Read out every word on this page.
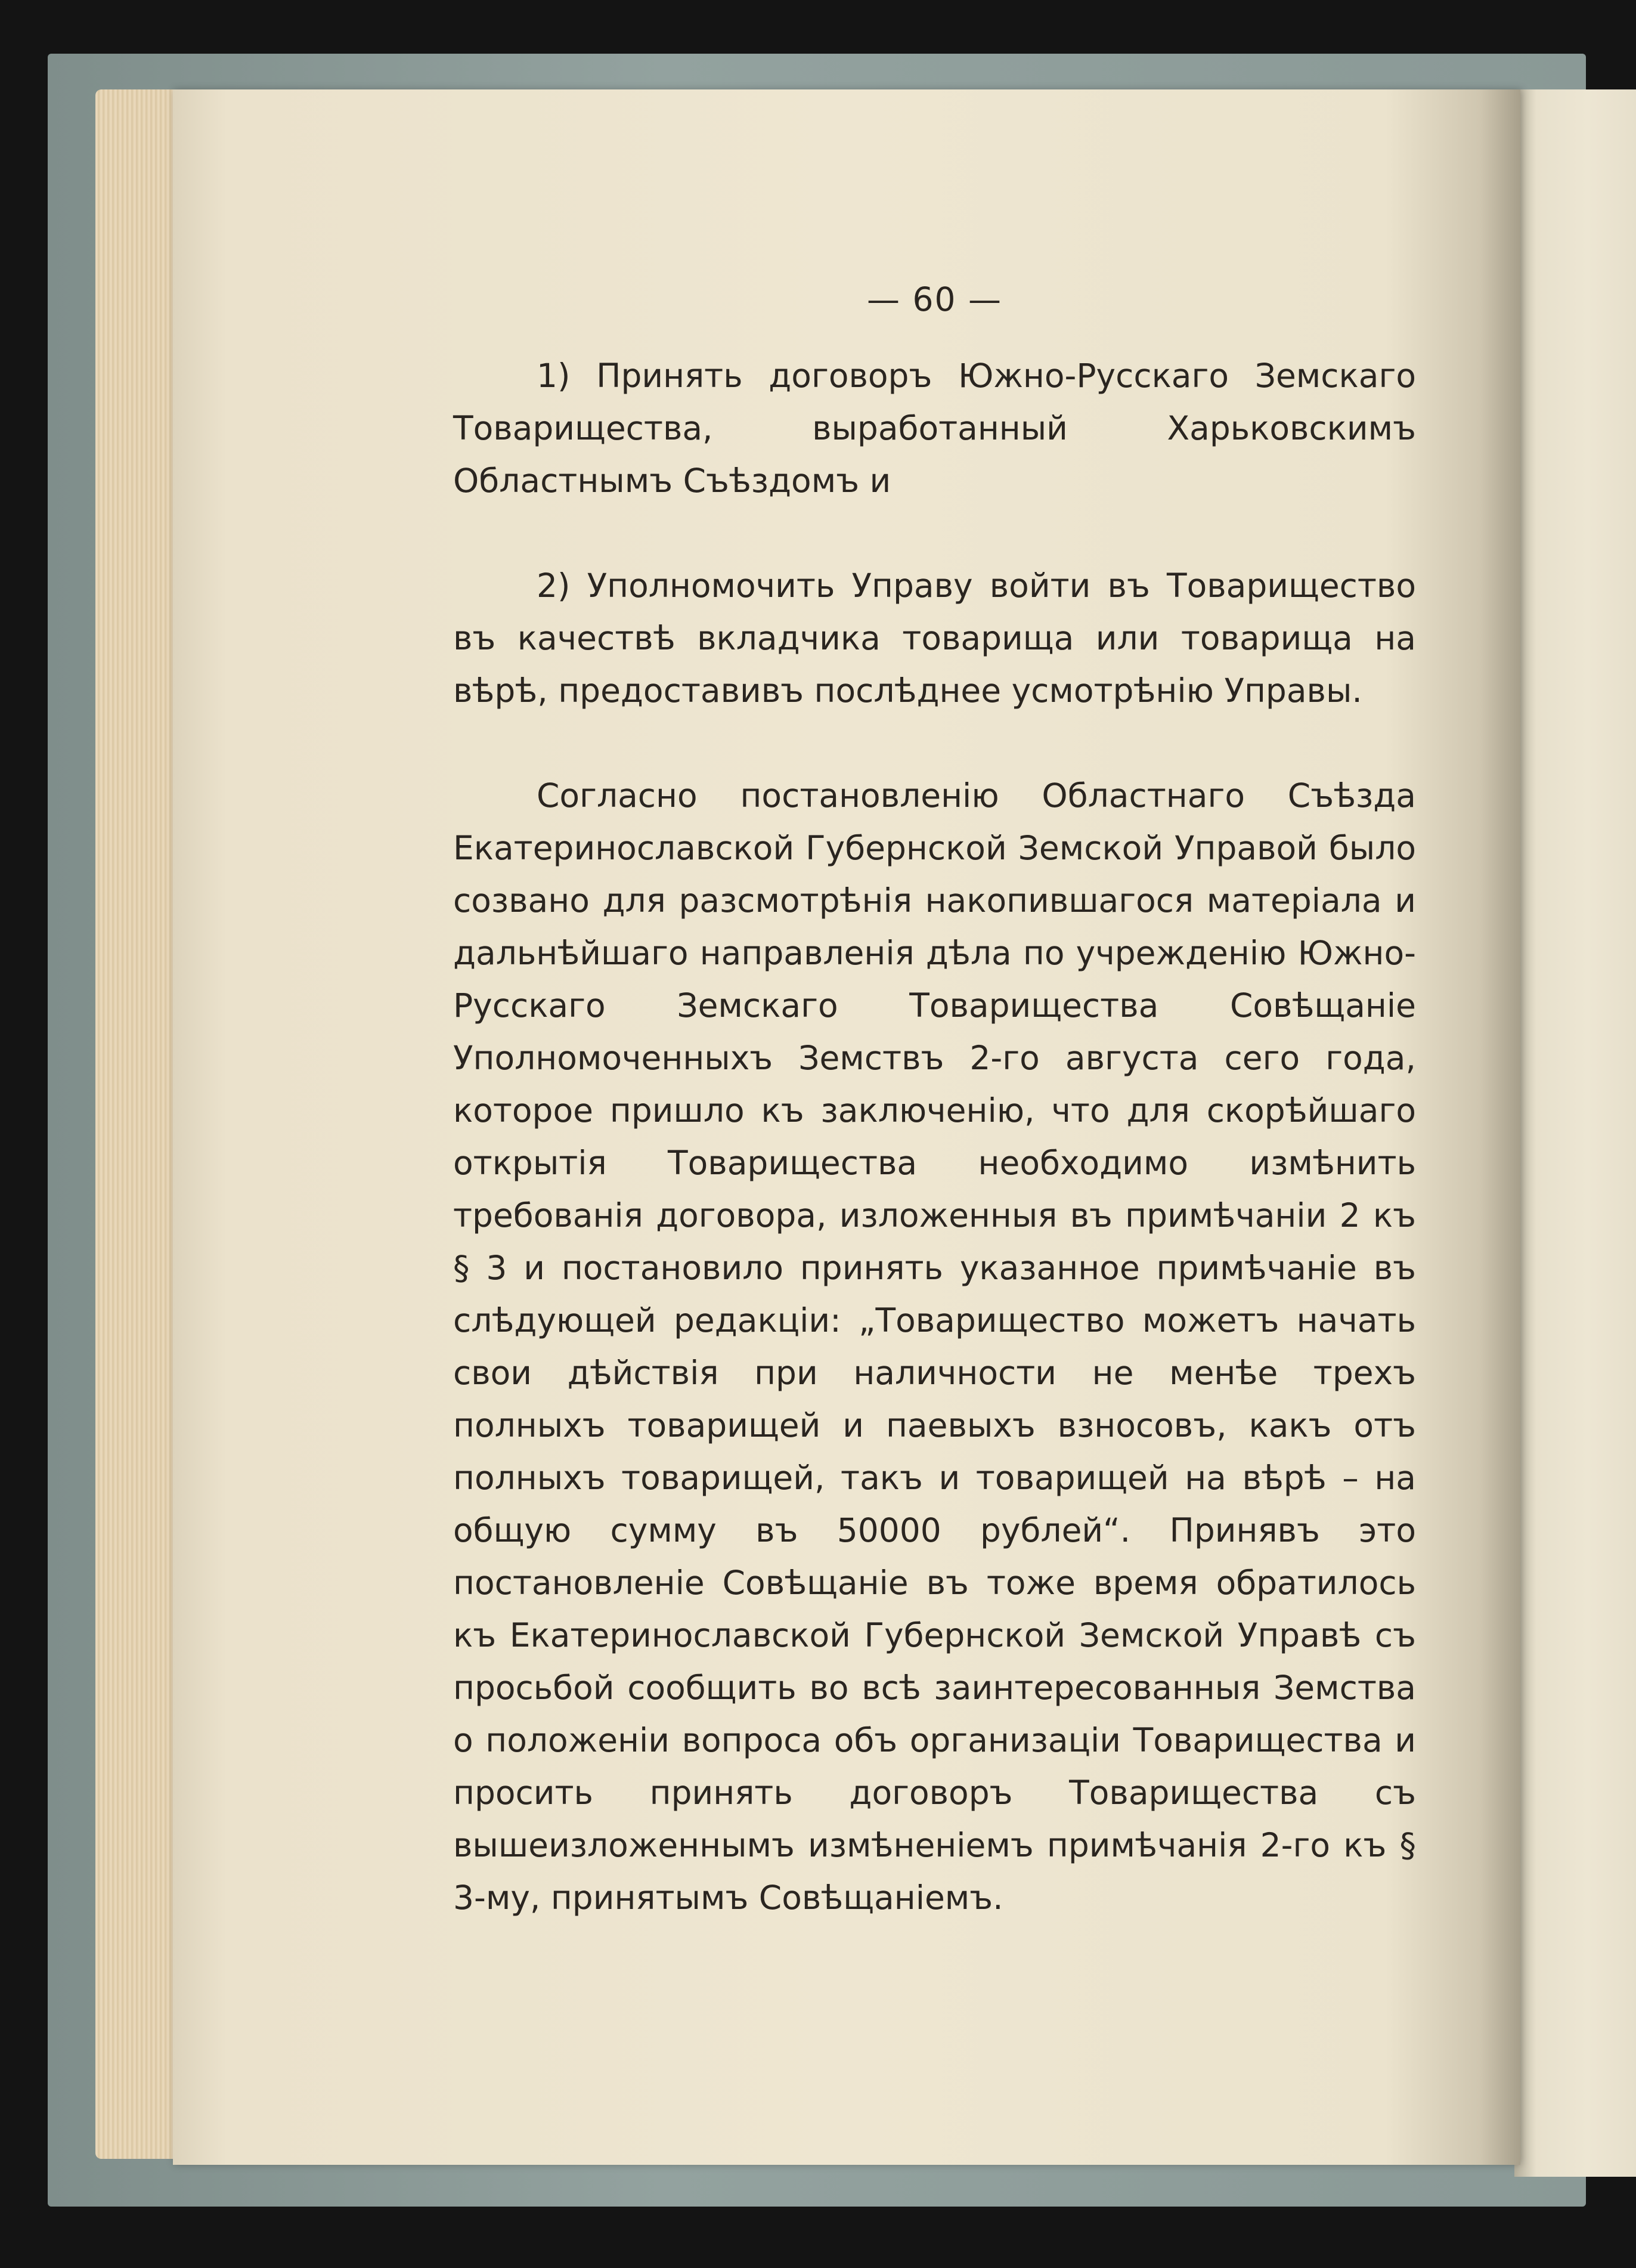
— 60 —

1) Принять договоръ Южно-Русскаго Земскаго Товарищества, выработанный Харьковскимъ Областнымъ Съѣздомъ и

2) Уполномочить Управу войти въ Товарищество въ качествѣ вкладчика товарища или товарища на вѣрѣ, предоставивъ послѣднее усмотрѣнію Управы.

Согласно постановленію Областнаго Съѣзда Екатеринославской Губернской Земской Управой было созвано для разсмотрѣнія накопившагося матеріала и дальнѣйшаго направленія дѣла по учрежденію Южно-Русскаго Земскаго Товарищества Совѣщаніе Уполномоченныхъ Земствъ 2-го августа сего года, которое пришло къ заключенію, что для скорѣйшаго открытія Товарищества необходимо измѣнить требованія договора, изложенныя въ примѣчаніи 2 къ § 3 и постановило принять указанное примѣчаніе въ слѣдующей редакціи: „Товарищество можетъ начать свои дѣйствія при наличности не менѣе трехъ полныхъ товарищей и паевыхъ взносовъ, какъ отъ полныхъ товарищей, такъ и товарищей на вѣрѣ – на общую сумму въ 50000 рублей“. Принявъ это постановленіе Совѣщаніе въ тоже время обратилось къ Екатеринославской Губернской Земской Управѣ съ просьбой сообщить во всѣ заинтересованныя Земства о положеніи вопроса объ организаціи Товарищества и просить принять договоръ Товарищества съ вышеизложеннымъ измѣненіемъ примѣчанія 2-го къ § 3-му, принятымъ Совѣщаніемъ.
